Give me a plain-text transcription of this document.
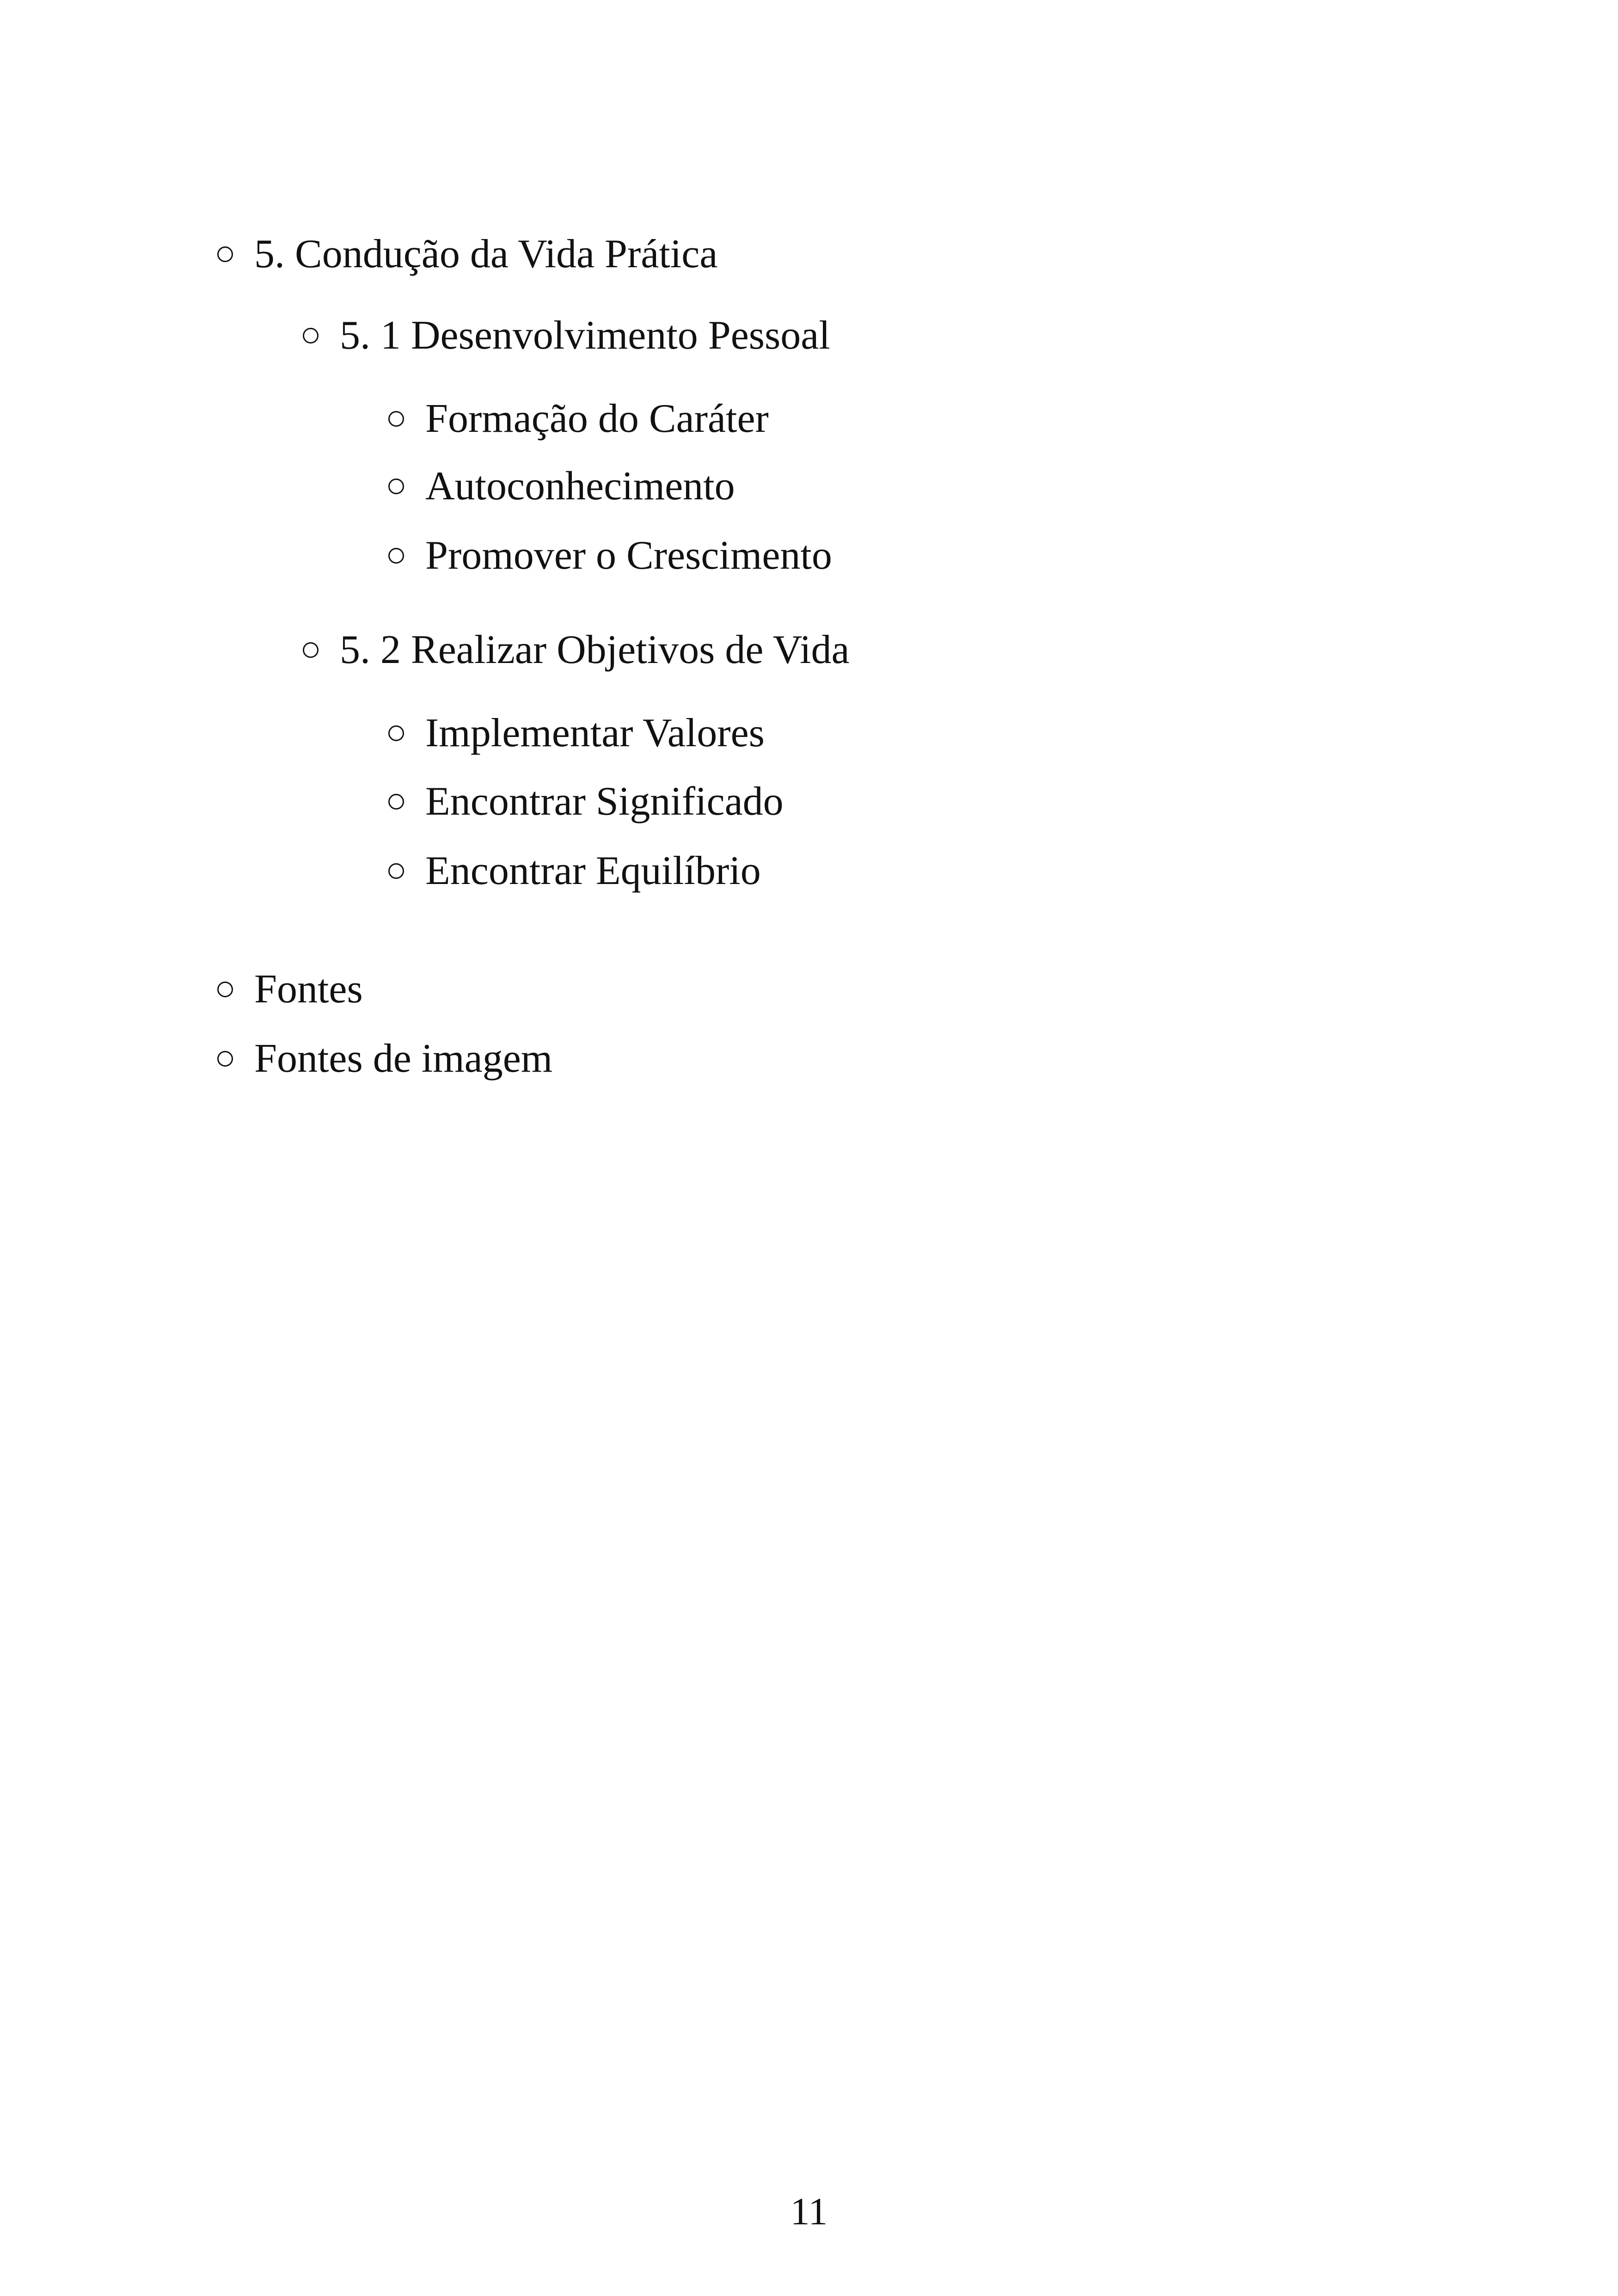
5. Condução da Vida Prática
5. 1 Desenvolvimento Pessoal
Formação do Caráter
Autoconhecimento
Promover o Crescimento
5. 2 Realizar Objetivos de Vida
Implementar Valores
Encontrar Significado
Encontrar Equilíbrio
Fontes
Fontes de imagem
11
